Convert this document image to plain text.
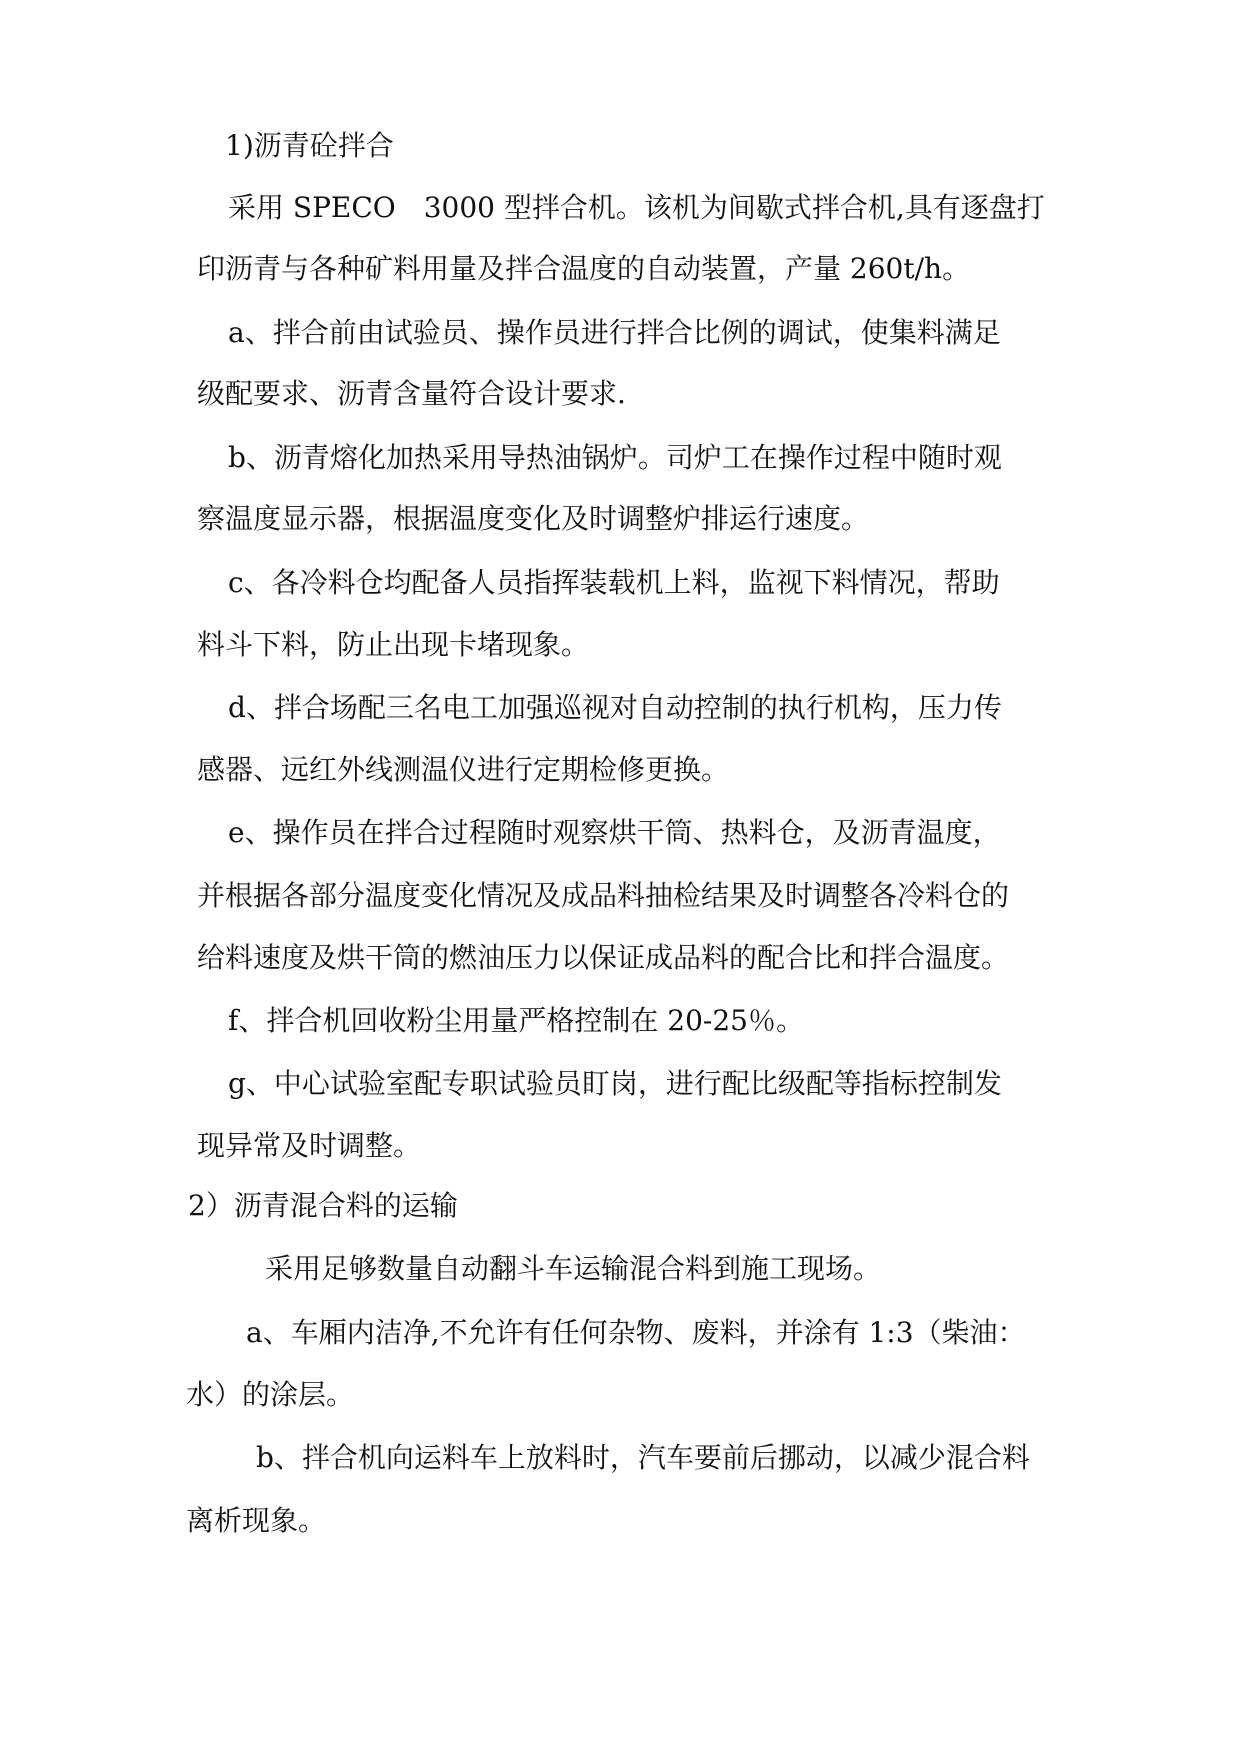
1)沥青砼拌合
采用 SPECO　3000 型拌合机。该机为间歇式拌合机,具有逐盘打
印沥青与各种矿料用量及拌合温度的自动装置，产量 260t/h。
a、拌合前由试验员、操作员进行拌合比例的调试，使集料满足
级配要求、沥青含量符合设计要求.
b、沥青熔化加热采用导热油锅炉。司炉工在操作过程中随时观
察温度显示器，根据温度变化及时调整炉排运行速度。
c、各冷料仓均配备人员指挥装载机上料，监视下料情况，帮助
料斗下料，防止出现卡堵现象。
d、拌合场配三名电工加强巡视对自动控制的执行机构，压力传
感器、远红外线测温仪进行定期检修更换。
e、操作员在拌合过程随时观察烘干筒、热料仓，及沥青温度，
并根据各部分温度变化情况及成品料抽检结果及时调整各冷料仓的
给料速度及烘干筒的燃油压力以保证成品料的配合比和拌合温度。
f、拌合机回收粉尘用量严格控制在 20-25％。
g、中心试验室配专职试验员盯岗，进行配比级配等指标控制发
现异常及时调整。
2）沥青混合料的运输
采用足够数量自动翻斗车运输混合料到施工现场。
a、车厢内洁净,不允许有任何杂物、废料，并涂有 1:3（柴油：
水）的涂层。
b、拌合机向运料车上放料时，汽车要前后挪动，以减少混合料
离析现象。
